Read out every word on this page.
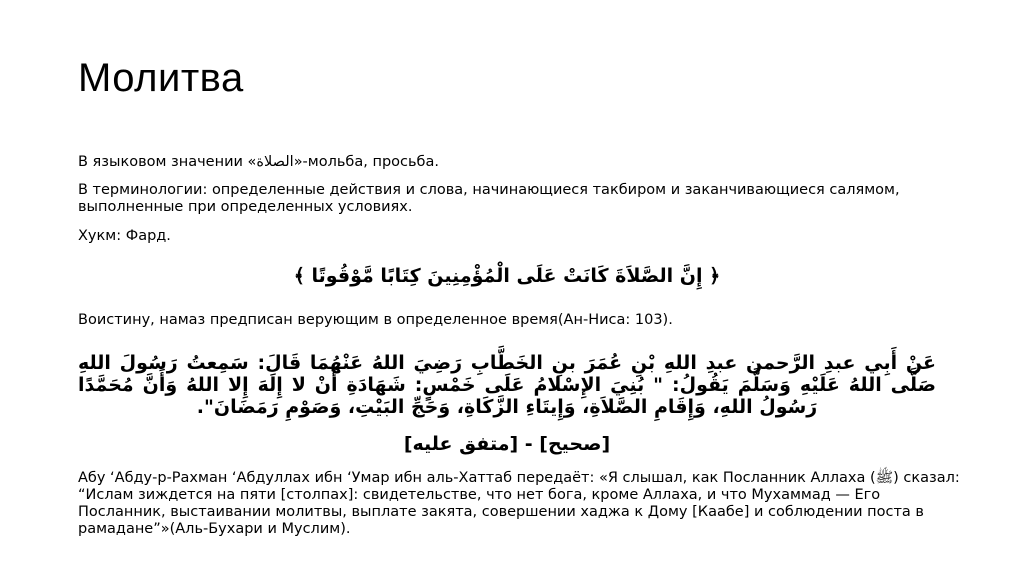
Молитва
В языковом значении «الصلاة»-мольба, просьба.
В терминологии: определенные действия и слова, начинающиеся такбиром и заканчивающиеся салямом, выполненные при определенных условиях.
Хукм: Фард.
﴿ إِنَّ الصَّلاَةَ كَانَتْ عَلَى الْمُؤْمِنِينَ كِتَابًا مَّوْقُوتًا ﴾
Воистину, намаз предписан верующим в определенное время(Ан-Ниса: 103).
عَنْ أَبِي عبدِ الرَّحمن عبدِ اللهِ بْنِ عُمَرَ بنِ الخَطَّابِ رَضِيَ اللهُ عَنْهُمَا قَالَ: سَمِعتُ رَسُولَ اللهِ صَلَّى اللهُ عَلَيْهِ وَسَلَّمَ يَقُولُ: " بُنِيَ الإِسْلامُ عَلَى خَمْسٍ: شَهَادَةِ أَنْ لا إِلَهَ إِلا اللهُ وَأَنَّ مُحَمَّدًا رَسُولُ اللهِ، وَإِقَامِ الصَّلاَةِ، وَإِيتَاءِ الزَّكَاةِ، وَحَجِّ البَيْتِ، وَصَوْمِ رَمَضَانَ".
[صحيح] - [متفق عليه]
Абу ‘Абду-р-Рахман ‘Абдуллах ибн ‘Умар ибн аль-Хаттаб передаёт: «Я слышал, как Посланник Аллаха (ﷺ) сказал: “Ислам зиждется на пяти [столпах]: свидетельстве, что нет бога, кроме Аллаха, и что Мухаммад — Его Посланник, выстаивании молитвы, выплате закята, совершении хаджа к Дому [Каабе] и соблюдении поста в рамадане”»(Аль-Бухари и Муслим).
